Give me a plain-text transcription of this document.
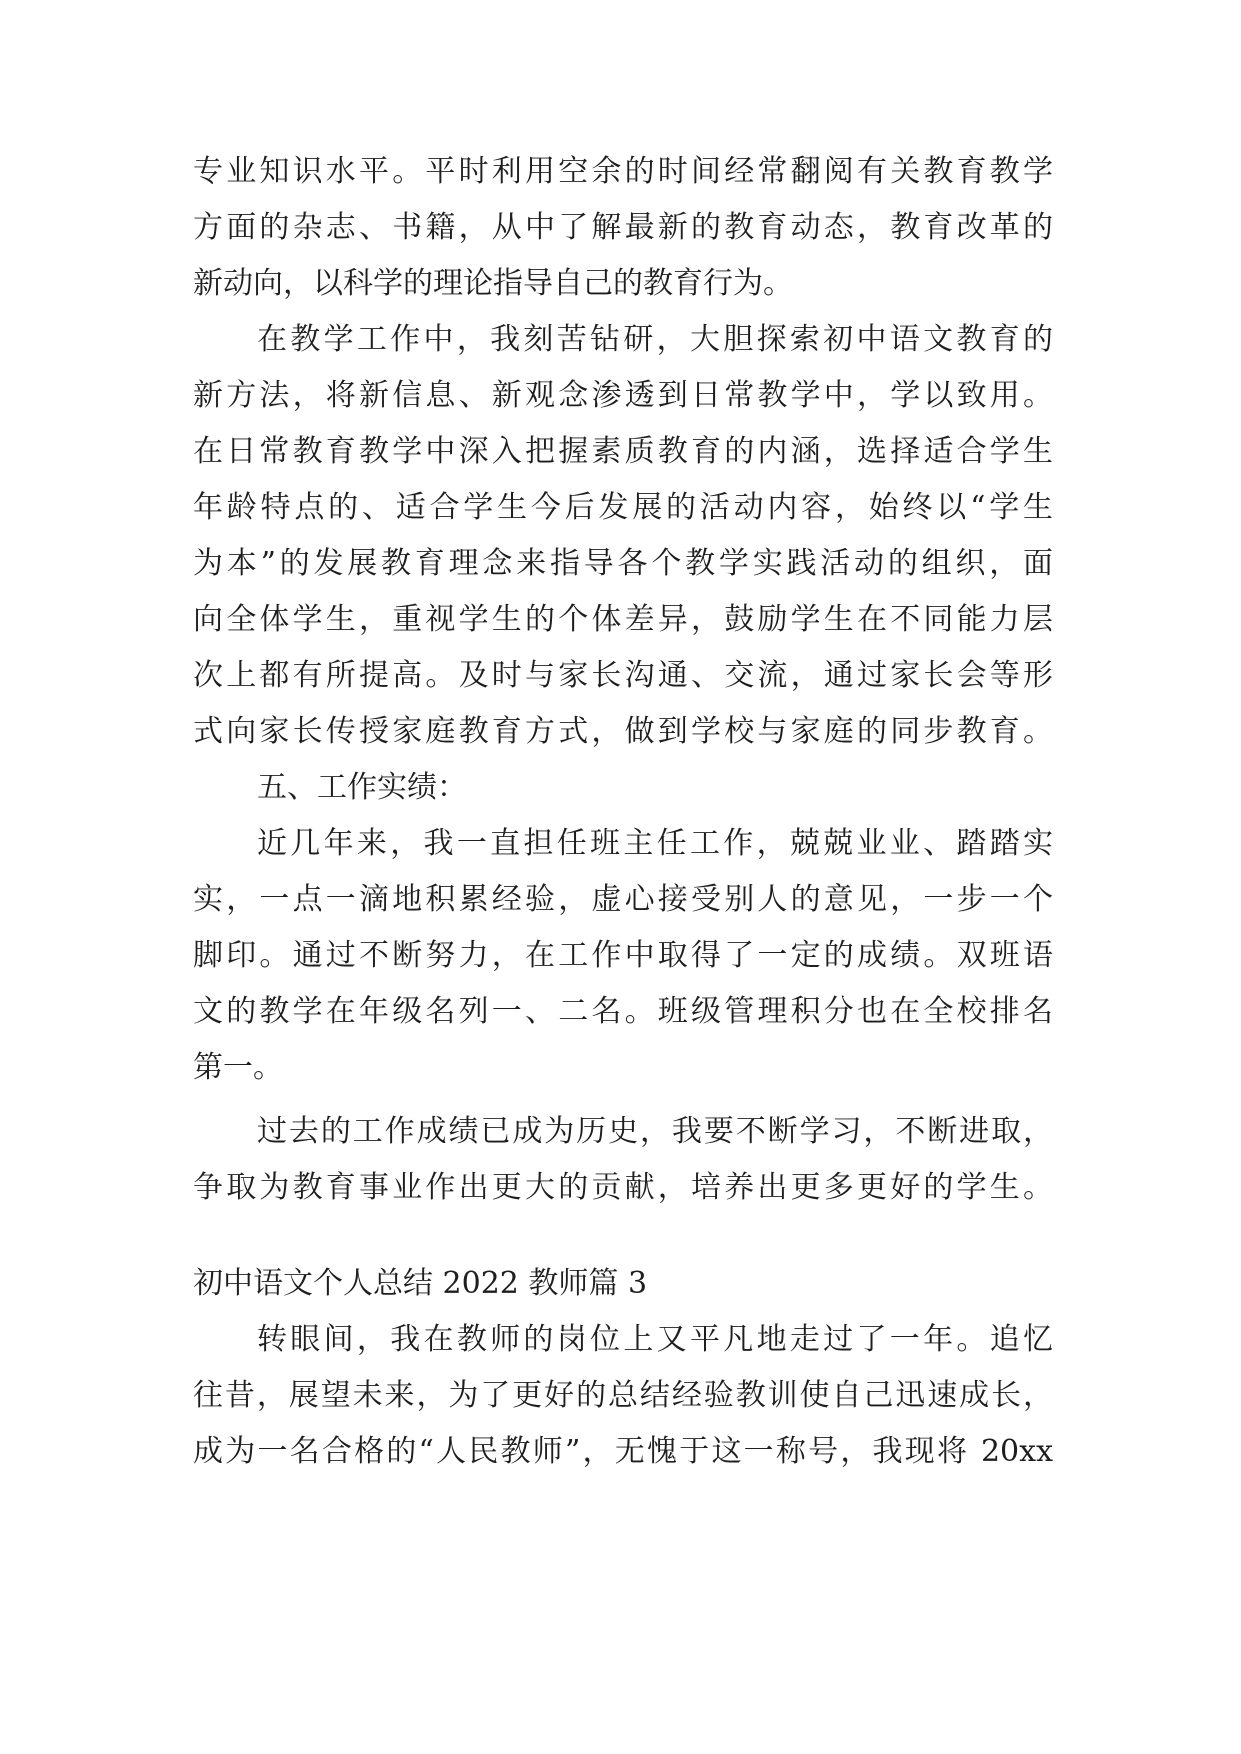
专业知识水平。平时利用空余的时间经常翻阅有关教育教学

方面的杂志、书籍，从中了解最新的教育动态，教育改革的

新动向，以科学的理论指导自己的教育行为。

在教学工作中，我刻苦钻研，大胆探索初中语文教育的

新方法，将新信息、新观念渗透到日常教学中，学以致用。

在日常教育教学中深入把握素质教育的内涵，选择适合学生

年龄特点的、适合学生今后发展的活动内容，始终以“学生

为本”的发展教育理念来指导各个教学实践活动的组织，面

向全体学生，重视学生的个体差异，鼓励学生在不同能力层

次上都有所提高。及时与家长沟通、交流，通过家长会等形

式向家长传授家庭教育方式，做到学校与家庭的同步教育。

五、工作实绩：

近几年来，我一直担任班主任工作，兢兢业业、踏踏实

实，一点一滴地积累经验，虚心接受别人的意见，一步一个

脚印。通过不断努力，在工作中取得了一定的成绩。双班语

文的教学在年级名列一、二名。班级管理积分也在全校排名

第一。

过去的工作成绩已成为历史，我要不断学习，不断进取，

争取为教育事业作出更大的贡献，培养出更多更好的学生。

初中语文个人总结 2022 教师篇 3

转眼间，我在教师的岗位上又平凡地走过了一年。追忆

往昔，展望未来，为了更好的总结经验教训使自己迅速成长，

成为一名合格的“人民教师”，无愧于这一称号，我现将 20xx
